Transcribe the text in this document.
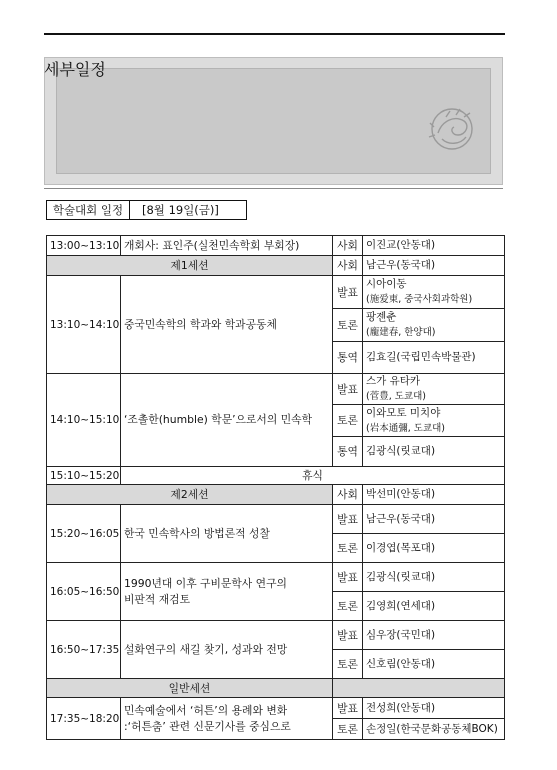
세부일정
학술대회 일정	[8월 19일(금)]
13:00~13:10	개회사: 표인주(실천민속학회 부회장)	사회	이진교(안동대)
제1세션		사회	남근우(동국대)
13:10~14:10	중국민속학의 학과와 학과공동체	발표	시아이동
(施爱東, 중국사회과학원)

		토론	팡젠춘
(龐建春, 한양대)

		통역	김효길(국립민속박물관)
14:10~15:10	‘조촐한(humble) 학문’으로서의 민속학	발표	스가 유타카
(菅豊, 도쿄대)

		토론	이와모토 미치야
(岩本通彌, 도쿄대)

		통역	김광식(릿쿄대)
15:10~15:20	휴식		
제2세션		사회	박선미(안동대)
15:20~16:05	한국 민속학사의 방법론적 성찰	발표	남근우(동국대)
		토론	이경엽(목포대)
16:05~16:50	1990년대 이후 구비문학사 연구의
비판적 재검토	발표	김광식(릿쿄대)
		토론	김영희(연세대)
16:50~17:35	설화연구의 새길 찾기, 성과와 전망	발표	심우장(국민대)
		토론	신호림(안동대)
일반세션			
17:35~18:20	민속예술에서 ‘허튼’의 용례와 변화
:‘허튼춤’ 관련 신문기사를 중심으로	발표	전성희(안동대)
		토론	손정일(한국문화공동체BOK)
